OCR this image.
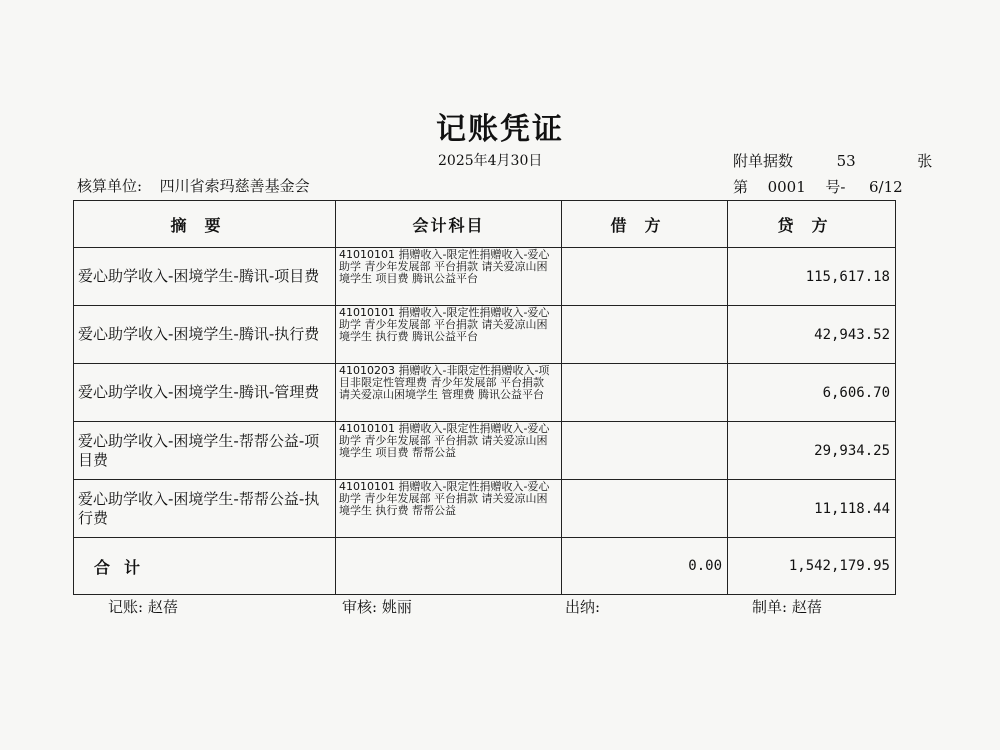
记账凭证
2025年4月30日	附单据数	53	张
核算单位: 四川省索玛慈善基金会	第 0001 号- 6/12
摘要	会计科目	借方	贷方
爱心助学收入-困境学生-腾讯-项目费	41010101 捐赠收入-限定性捐赠收入-爱心助学 青少年发展部 平台捐款 请关爱凉山困境学生 项目费 腾讯公益平台		115,617.18
爱心助学收入-困境学生-腾讯-执行费	41010101 捐赠收入-限定性捐赠收入-爱心助学 青少年发展部 平台捐款 请关爱凉山困境学生 执行费 腾讯公益平台		42,943.52
爱心助学收入-困境学生-腾讯-管理费	41010203 捐赠收入-非限定性捐赠收入-项目非限定性管理费 青少年发展部 平台捐款 请关爱凉山困境学生 管理费 腾讯公益平台		6,606.70
爱心助学收入-困境学生-帮帮公益-项目费	41010101 捐赠收入-限定性捐赠收入-爱心助学 青少年发展部 平台捐款 请关爱凉山困境学生 项目费 帮帮公益		29,934.25
爱心助学收入-困境学生-帮帮公益-执行费	41010101 捐赠收入-限定性捐赠收入-爱心助学 青少年发展部 平台捐款 请关爱凉山困境学生 执行费 帮帮公益		11,118.44
合计		0.00	1,542,179.95
记账: 赵蓓	审核: 姚丽	出纳:	制单: 赵蓓
